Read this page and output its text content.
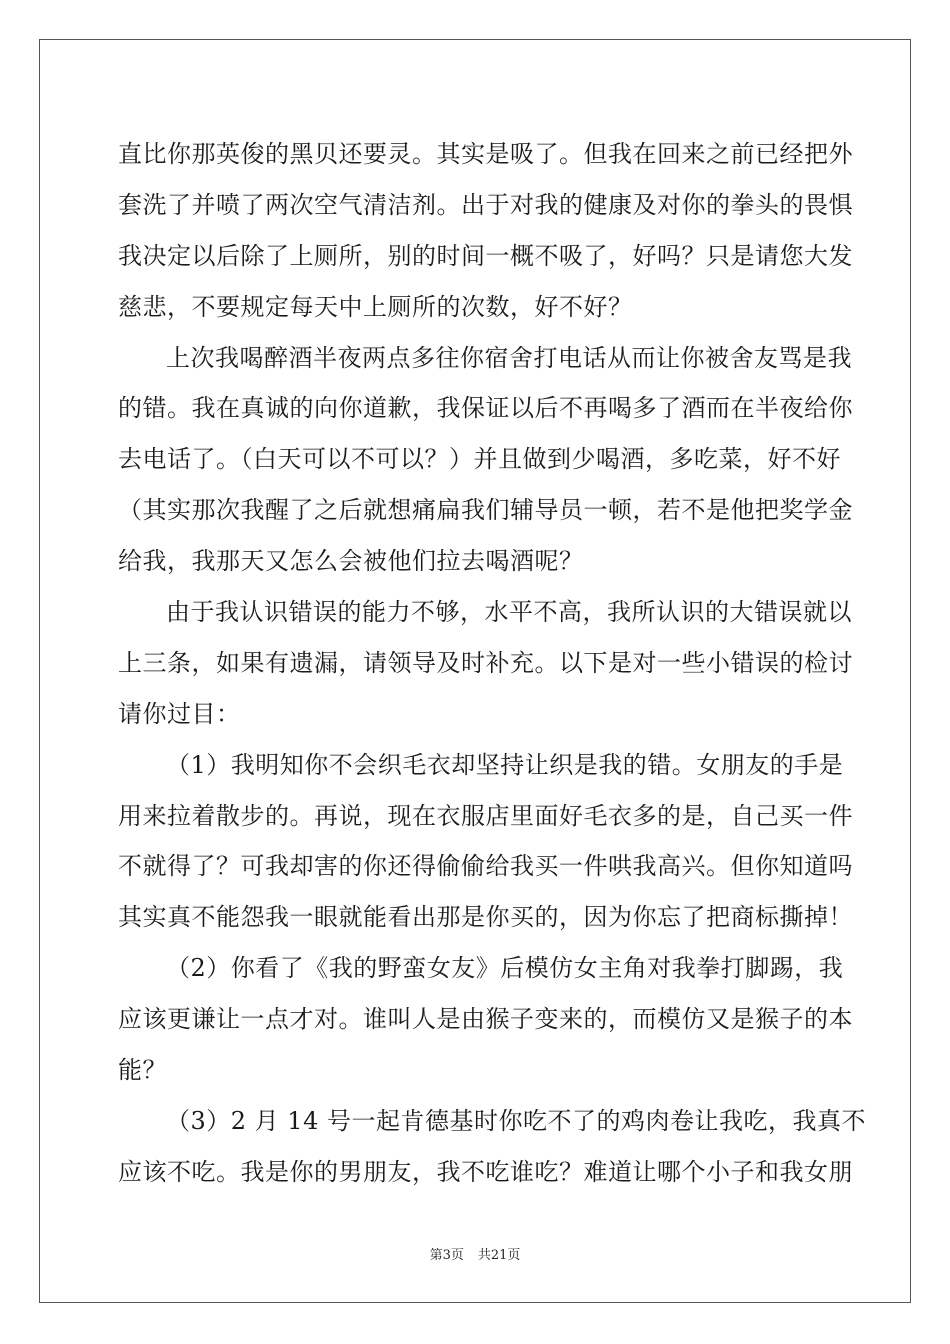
直比你那英俊的黑贝还要灵。其实是吸了。但我在回来之前已经把外
套洗了并喷了两次空气清洁剂。出于对我的健康及对你的拳头的畏惧
我决定以后除了上厕所，别的时间一概不吸了，好吗？只是请您大发
慈悲，不要规定每天中上厕所的次数，好不好？
上次我喝醉酒半夜两点多往你宿舍打电话从而让你被舍友骂是我
的错。我在真诚的向你道歉，我保证以后不再喝多了酒而在半夜给你
去电话了。（白天可以不可以？）并且做到少喝酒，多吃菜，好不好
（其实那次我醒了之后就想痛扁我们辅导员一顿，若不是他把奖学金
给我，我那天又怎么会被他们拉去喝酒呢？
由于我认识错误的能力不够，水平不高，我所认识的大错误就以
上三条，如果有遗漏，请领导及时补充。以下是对一些小错误的检讨
请你过目：
（1）我明知你不会织毛衣却坚持让织是我的错。女朋友的手是
用来拉着散步的。再说，现在衣服店里面好毛衣多的是，自己买一件
不就得了？可我却害的你还得偷偷给我买一件哄我高兴。但你知道吗
其实真不能怨我一眼就能看出那是你买的，因为你忘了把商标撕掉！
（2）你看了《我的野蛮女友》后模仿女主角对我拳打脚踢，我
应该更谦让一点才对。谁叫人是由猴子变来的，而模仿又是猴子的本
能？
（3）2 月 14 号一起肯德基时你吃不了的鸡肉卷让我吃，我真不
应该不吃。我是你的男朋友，我不吃谁吃？难道让哪个小子和我女朋
第3页 共21页
